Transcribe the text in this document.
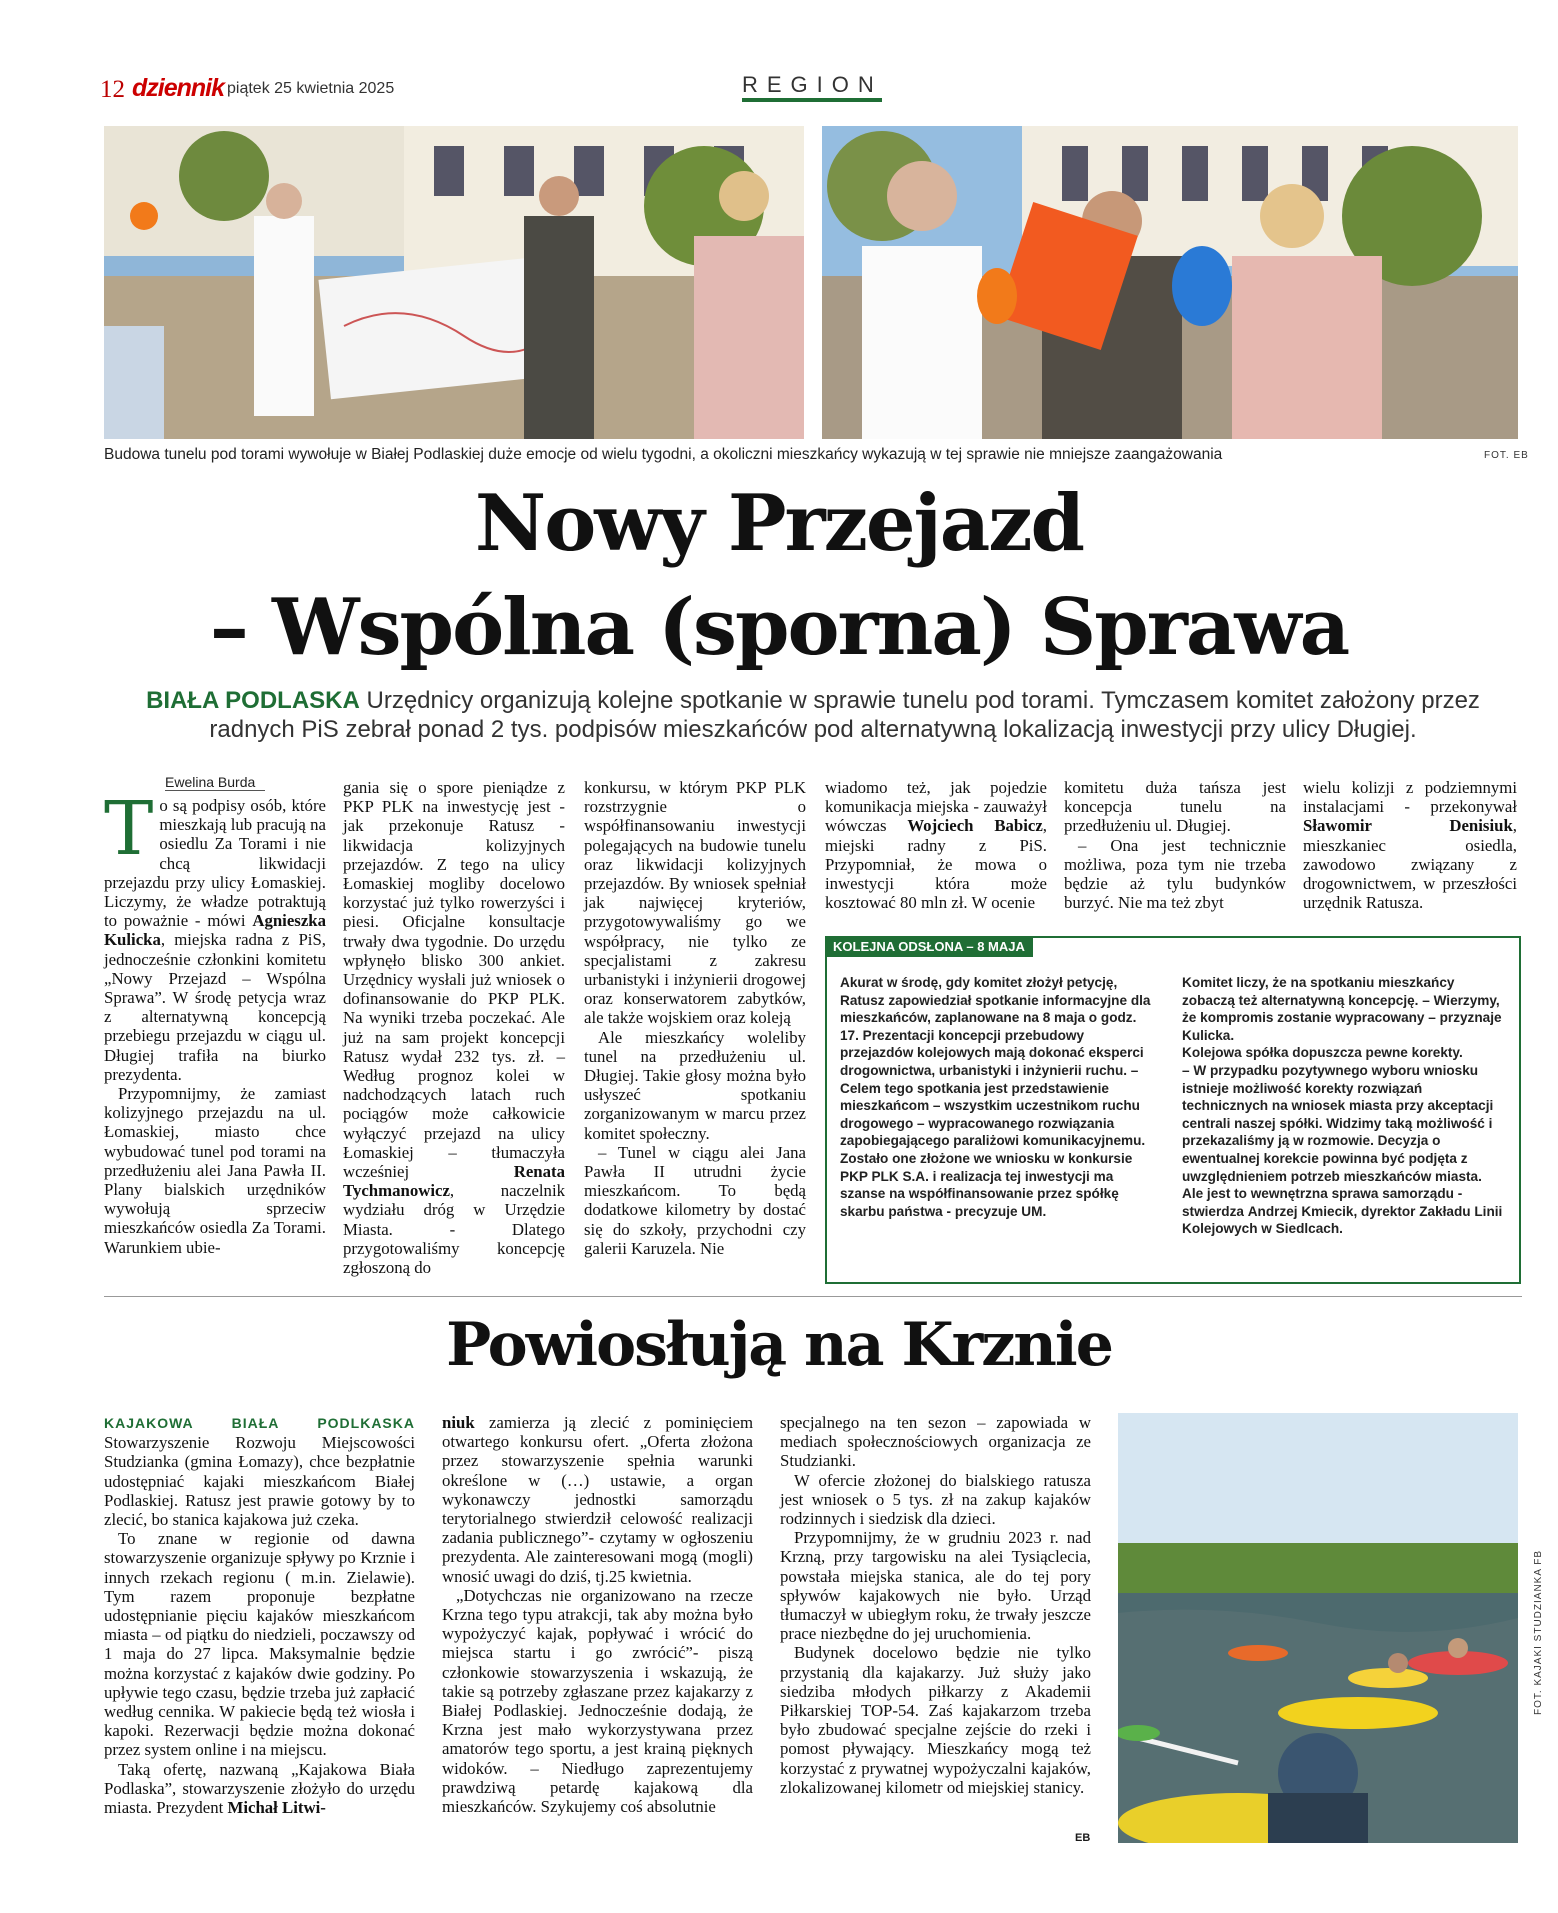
12 dziennik piątek 25 kwietnia 2025	REGION
Budowa tunelu pod torami wywołuje w Białej Podlaskiej duże emocje od wielu tygodni, a okoliczni mieszkańcy wykazują w tej sprawie nie mniejsze zaangażowania	FOT. EB
Nowy Przejazd
– Wspólna (sporna) Sprawa
BIAŁA PODLASKA Urzędnicy organizują kolejne spotkanie w sprawie tunelu pod torami. Tymczasem komitet założony przez radnych PiS zebrał ponad 2 tys. podpisów mieszkańców pod alternatywną lokalizacją inwestycji przy ulicy Długiej.
Ewelina Burda

To są podpisy osób, które mieszkają lub pracują na osiedlu Za Torami i nie chcą likwidacji przejazdu przy ulicy Łomaskiej. Liczymy, że władze potraktują to poważnie - mówi Agnieszka Kulicka, miejska radna z PiS, jednocześnie członkini komitetu „Nowy Przejazd – Wspólna Sprawa”. W środę petycja wraz z alternatywną koncepcją przebiegu przejazdu w ciągu ul. Długiej trafiła na biurko prezydenta.

Przypomnijmy, że zamiast kolizyjnego przejazdu na ul. Łomaskiej, miasto chce wybudować tunel pod torami na przedłużeniu alei Jana Pawła II. Plany bialskich urzędników wywołują sprzeciw mieszkańców osiedla Za Torami. Warunkiem ubie-

gania się o spore pieniądze z PKP PLK na inwestycję jest - jak przekonuje Ratusz - likwidacja kolizyjnych przejazdów. Z tego na ulicy Łomaskiej mogliby docelowo korzystać już tylko rowerzyści i piesi. Oficjalne konsultacje trwały dwa tygodnie. Do urzędu wpłynęło blisko 300 ankiet. Urzędnicy wysłali już wniosek o dofinansowanie do PKP PLK. Na wyniki trzeba poczekać. Ale już na sam projekt koncepcji Ratusz wydał 232 tys. zł. – Według prognoz kolei w nadchodzących latach ruch pociągów może całkowicie wyłączyć przejazd na ulicy Łomaskiej – tłumaczyła wcześniej Renata Tychmanowicz, naczelnik wydziału dróg w Urzędzie Miasta. - Dlatego przygotowaliśmy koncepcję zgłoszoną do

konkursu, w którym PKP PLK rozstrzygnie o współfinansowaniu inwestycji polegających na budowie tunelu oraz likwidacji kolizyjnych przejazdów. By wniosek spełniał jak najwięcej kryteriów, przygotowywaliśmy go we współpracy, nie tylko ze specjalistami z zakresu urbanistyki i inżynierii drogowej oraz konserwatorem zabytków, ale także wojskiem oraz koleją

Ale mieszkańcy woleliby tunel na przedłużeniu ul. Długiej. Takie głosy można było usłyszeć spotkaniu zorganizowanym w marcu przez komitet społeczny.

– Tunel w ciągu alei Jana Pawła II utrudni życie mieszkańcom. To będą dodatkowe kilometry by dostać się do szkoły, przychodni czy galerii Karuzela. Nie

wiadomo też, jak pojedzie komunikacja miejska - zauważył wówczas Wojciech Babicz, miejski radny z PiS. Przypomniał, że mowa o inwestycji która może kosztować 80 mln zł. W ocenie

komitetu duża tańsza jest koncepcja tunelu na przedłużeniu ul. Długiej.

– Ona jest technicznie możliwa, poza tym nie trzeba będzie aż tylu budynków burzyć. Nie ma też zbyt

wielu kolizji z podziemnymi instalacjami - przekonywał Sławomir Denisiuk, mieszkaniec osiedla, zawodowo związany z drogownictwem, w przeszłości urzędnik Ratusza.

KOLEJNA ODSŁONA – 8 MAJA

Akurat w środę, gdy komitet złożył petycję, Ratusz zapowiedział spotkanie informacyjne dla mieszkańców, zaplanowane na 8 maja o godz. 17. Prezentacji koncepcji przebudowy przejazdów kolejowych mają dokonać eksperci drogownictwa, urbanistyki i inżynierii ruchu. – Celem tego spotkania jest przedstawienie mieszkańcom – wszystkim uczestnikom ruchu drogowego – wypracowanego rozwiązania zapobiegającego paraliżowi komunikacyjnemu. Zostało one złożone we wniosku w konkursie PKP PLK S.A. i realizacja tej inwestycji ma szanse na współfinansowanie przez spółkę skarbu państwa - precyzuje UM.

Komitet liczy, że na spotkaniu mieszkańcy zobaczą też alternatywną koncepcję. – Wierzymy, że kompromis zostanie wypracowany – przyznaje Kulicka.

Kolejowa spółka dopuszcza pewne korekty.

– W przypadku pozytywnego wyboru wniosku istnieje możliwość korekty rozwiązań technicznych na wniosek miasta przy akceptacji centrali naszej spółki. Widzimy taką możliwość i przekazaliśmy ją w rozmowie. Decyzja o ewentualnej korekcie powinna być podjęta z uwzględnieniem potrzeb mieszkańców miasta. Ale jest to wewnętrzna sprawa samorządu - stwierdza Andrzej Kmiecik, dyrektor Zakładu Linii Kolejowych w Siedlcach.

Powiosłują na Krznie

KAJAKOWA BIAŁA PODLKASKA Stowarzyszenie Rozwoju Miejscowości Studzianka (gmina Łomazy), chce bezpłatnie udostępniać kajaki mieszkańcom Białej Podlaskiej. Ratusz jest prawie gotowy by to zlecić, bo stanica kajakowa już czeka.

To znane w regionie od dawna stowarzyszenie organizuje spływy po Krznie i innych rzekach regionu ( m.in. Zielawie). Tym razem proponuje bezpłatne udostępnianie pięciu kajaków mieszkańcom miasta – od piątku do niedzieli, poczawszy od 1 maja do 27 lipca. Maksymalnie będzie można korzystać z kajaków dwie godziny. Po upływie tego czasu, będzie trzeba już zapłacić według cennika. W pakiecie będą też wiosła i kapoki. Rezerwacji będzie można dokonać przez system online i na miejscu.

Taką ofertę, nazwaną „Kajakowa Biała Podlaska”, stowarzyszenie złożyło do urzędu miasta. Prezydent Michał Litwi-

niuk zamierza ją zlecić z pominięciem otwartego konkursu ofert. „Oferta złożona przez stowarzyszenie spełnia warunki określone w (…) ustawie, a organ wykonawczy jednostki samorządu terytorialnego stwierdził celowość realizacji zadania publicznego”- czytamy w ogłoszeniu prezydenta. Ale zainteresowani mogą (mogli) wnosić uwagi do dziś, tj.25 kwietnia.

„Dotychczas nie organizowano na rzecze Krzna tego typu atrakcji, tak aby można było wypożyczyć kajak, popływać i wrócić do miejsca startu i go zwrócić”- piszą członkowie stowarzyszenia i wskazują, że takie są potrzeby zgłaszane przez kajakarzy z Białej Podlaskiej. Jednocześnie dodają, że Krzna jest mało wykorzystywana przez amatorów tego sportu, a jest krainą pięknych widoków. – Niedługo zaprezentujemy prawdziwą petardę kajakową dla mieszkańców. Szykujemy coś absolutnie

specjalnego na ten sezon – zapowiada w mediach społecznościowych organizacja ze Studzianki.

W ofercie złożonej do bialskiego ratusza jest wniosek o 5 tys. zł na zakup kajaków rodzinnych i siedzisk dla dzieci.

Przypomnijmy, że w grudniu 2023 r. nad Krzną, przy targowisku na alei Tysiąclecia, powstała miejska stanica, ale do tej pory spływów kajakowych nie było. Urząd tłumaczył w ubiegłym roku, że trwały jeszcze prace niezbędne do jej uruchomienia.

Budynek docelowo będzie nie tylko przystanią dla kajakarzy. Już służy jako siedziba młodych piłkarzy z Akademii Piłkarskiej TOP-54. Zaś kajakarzom trzeba było zbudować specjalne zejście do rzeki i pomost pływający. Mieszkańcy mogą też korzystać z prywatnej wypożyczalni kajaków, zlokalizowanej kilometr od miejskiej stanicy.

EB
FOT. KAJAKI STUDZIANKA FB
